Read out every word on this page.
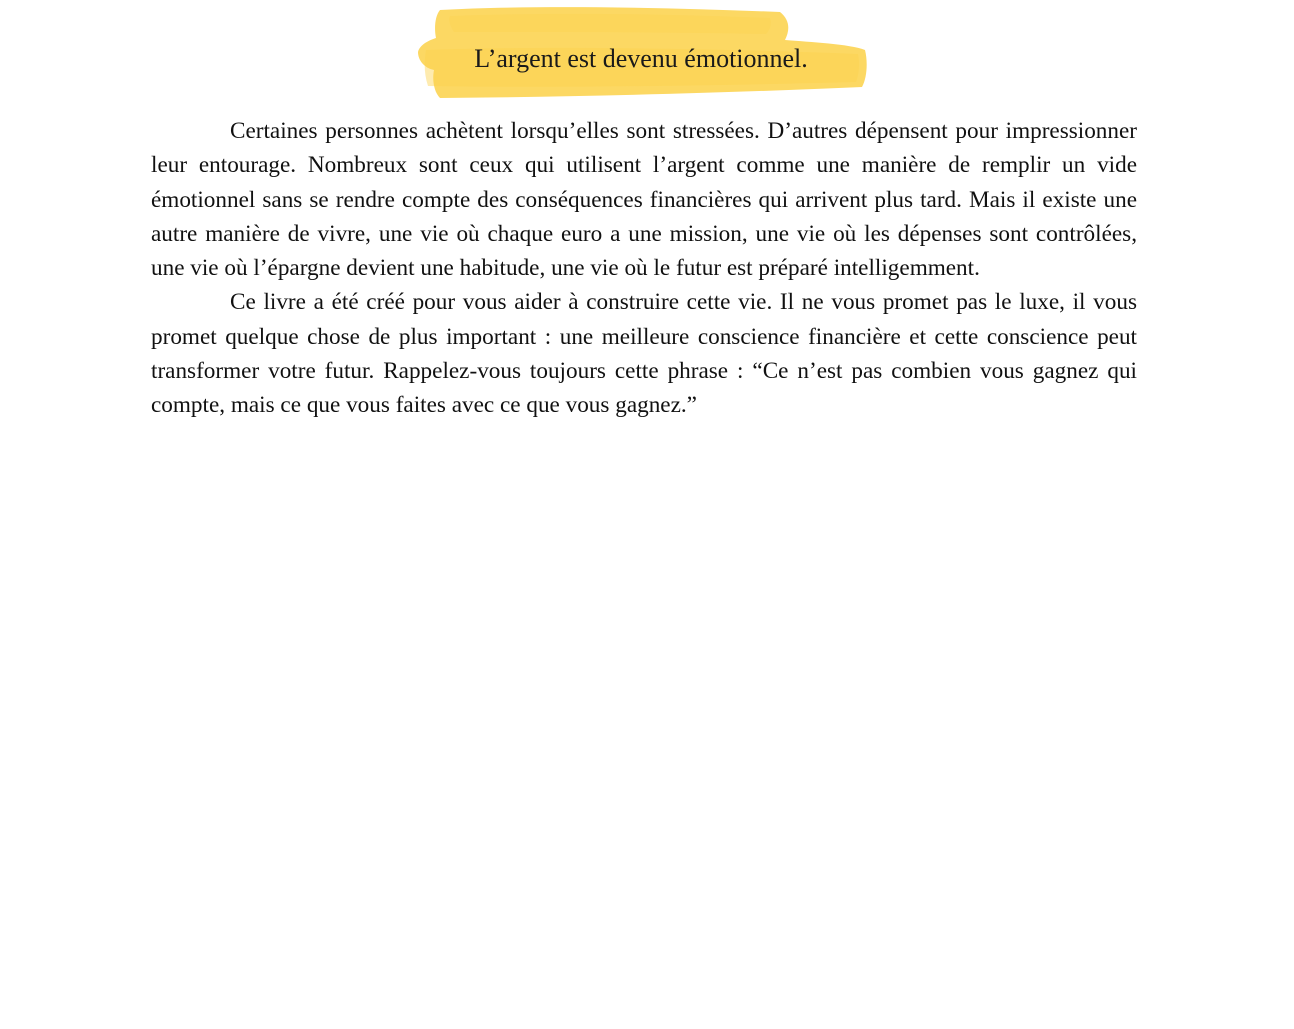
L’argent est devenu émotionnel.

Certaines personnes achètent lorsqu’elles sont stressées. D’autres dépensent pour impressionner leur entourage. Nombreux sont ceux qui utilisent l’argent comme une manière de remplir un vide émotionnel sans se rendre compte des conséquences financières qui arrivent plus tard. Mais il existe une autre manière de vivre, une vie où chaque euro a une mission, une vie où les dépenses sont contrôlées, une vie où l’épargne devient une habitude, une vie où le futur est préparé intelligemment.

Ce livre a été créé pour vous aider à construire cette vie. Il ne vous promet pas le luxe, il vous promet quelque chose de plus important : une meilleure conscience financière et cette conscience peut transformer votre futur. Rappelez-vous toujours cette phrase : “Ce n’est pas combien vous gagnez qui compte, mais ce que vous faites avec ce que vous gagnez.”
